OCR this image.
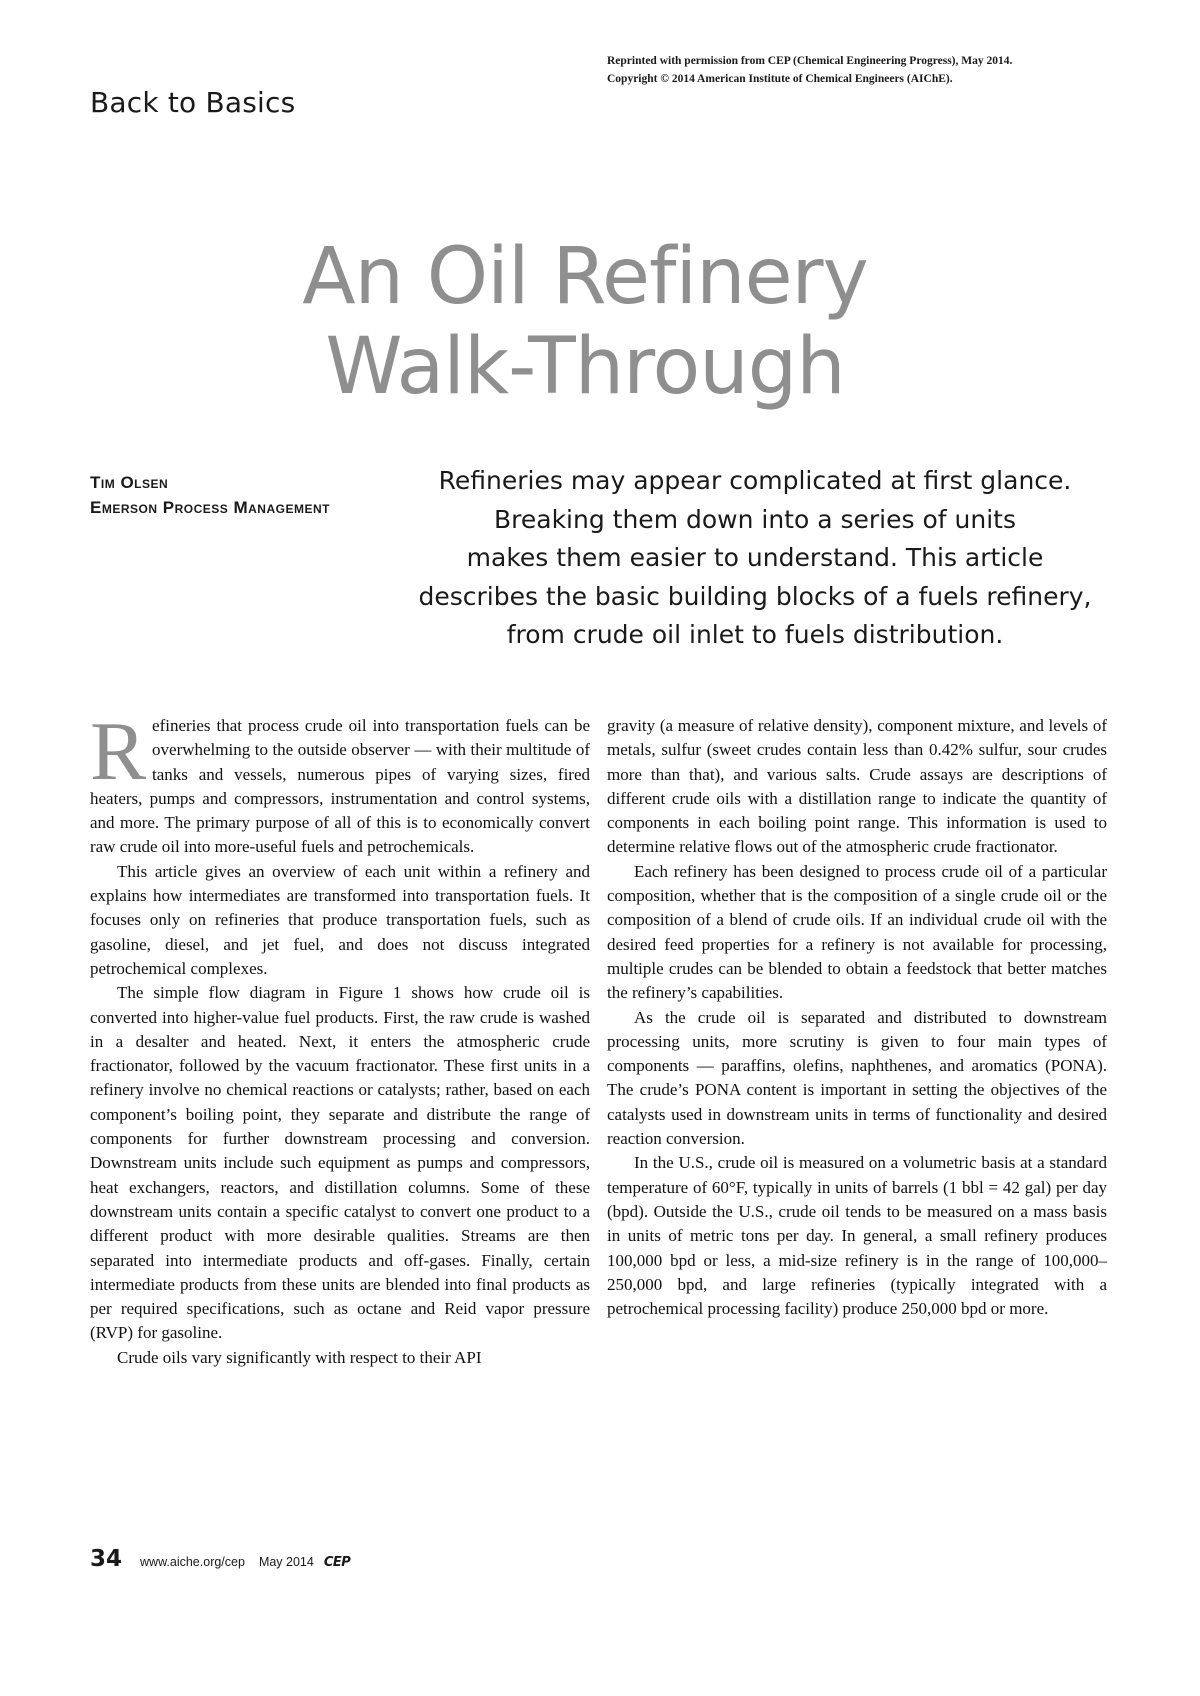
Reprinted with permission from CEP (Chemical Engineering Progress), May 2014.
Copyright © 2014 American Institute of Chemical Engineers (AIChE).
Back to Basics
An Oil Refinery
Walk-Through
Tim Olsen
Emerson Process Management
Refineries may appear complicated at first glance.
Breaking them down into a series of units
makes them easier to understand. This article
describes the basic building blocks of a fuels refinery,
from crude oil inlet to fuels distribution.
Refineries that process crude oil into transportation fuels can be overwhelming to the outside observer — with their multitude of tanks and vessels, numerous pipes of varying sizes, fired heaters, pumps and compressors, instrumentation and control systems, and more. The primary purpose of all of this is to economically convert raw crude oil into more-useful fuels and petrochemicals.
This article gives an overview of each unit within a refinery and explains how intermediates are transformed into transportation fuels. It focuses only on refineries that produce transportation fuels, such as gasoline, diesel, and jet fuel, and does not discuss integrated petrochemical complexes.
The simple flow diagram in Figure 1 shows how crude oil is converted into higher-value fuel products. First, the raw crude is washed in a desalter and heated. Next, it enters the atmospheric crude fractionator, followed by the vacuum fractionator. These first units in a refinery involve no chemical reactions or catalysts; rather, based on each component’s boiling point, they separate and distribute the range of components for further downstream processing and conversion. Downstream units include such equipment as pumps and compressors, heat exchangers, reactors, and distillation columns. Some of these downstream units contain a specific catalyst to convert one product to a different product with more desirable qualities. Streams are then separated into intermediate products and off-gases. Finally, certain intermediate products from these units are blended into final products as per required specifications, such as octane and Reid vapor pressure (RVP) for gasoline.
Crude oils vary significantly with respect to their API
gravity (a measure of relative density), component mixture, and levels of metals, sulfur (sweet crudes contain less than 0.42% sulfur, sour crudes more than that), and various salts. Crude assays are descriptions of different crude oils with a distillation range to indicate the quantity of components in each boiling point range. This information is used to determine relative flows out of the atmospheric crude fractionator.
Each refinery has been designed to process crude oil of a particular composition, whether that is the composition of a single crude oil or the composition of a blend of crude oils. If an individual crude oil with the desired feed properties for a refinery is not available for processing, multiple crudes can be blended to obtain a feedstock that better matches the refinery’s capabilities.
As the crude oil is separated and distributed to downstream processing units, more scrutiny is given to four main types of components — paraffins, olefins, naphthenes, and aromatics (PONA). The crude’s PONA content is important in setting the objectives of the catalysts used in downstream units in terms of functionality and desired reaction conversion.
In the U.S., crude oil is measured on a volumetric basis at a standard temperature of 60°F, typically in units of barrels (1 bbl = 42 gal) per day (bpd). Outside the U.S., crude oil tends to be measured on a mass basis in units of metric tons per day. In general, a small refinery produces 100,000 bpd or less, a mid-size refinery is in the range of 100,000–250,000 bpd, and large refineries (typically integrated with a petrochemical processing facility) produce 250,000 bpd or more.
34 www.aiche.org/cep May 2014 CEP
